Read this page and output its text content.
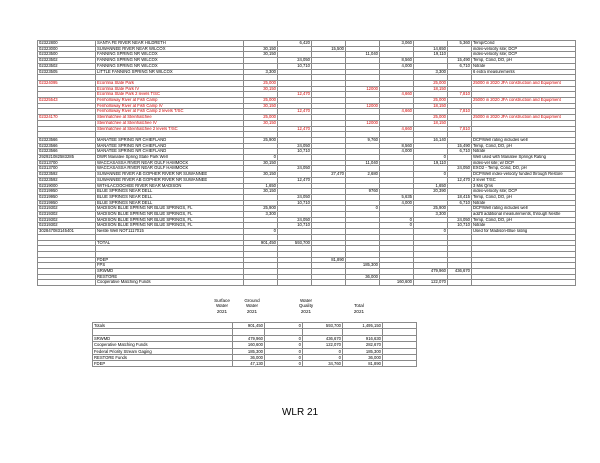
02322800	SANTA FE RIVER NEAR HILDRETH		6,420			3,060		5,360	Temp/Cond
02323000	SUWANNEE RIVER NEAR WILCOX	30,150		15,500			14,650		index-velocity site; DCP
02323500	FANNING SPRING NR WILCOX	30,150			11,040		19,110		index-velocity site; DCP
02323502	FANNING SPRING NR WILCOX		24,050			8,560		15,490	Temp, Cond, DO, pH
02323502	FANNING SPRING NR WILCOX		10,710			4,000		6,710	Nitrate
02323505	LITTLE FANNING SPRING NR WILCOX	3,300					3,300		6 extra measurements

02324095	Econfina State Park	25,000					25,000		25000 in 2020 JFA construction and Equipment
	Econfina State Park IV	30,150			12000		18,150		
	Econfina State Park 2 levels T/SC		12,470			4,660		7,810	
02325543	Fenholloway River at Fish Camp	25,000					25,000		25000 in 2020 JFA construction and Equipment
	Fenholloway River at Fish Camp IV	30,150			12000		18,150		
	Fenholloway River at Fish Camp 2 levels T/SC		12,470			4,660		7,810	
02324170	Steinhatchee at Steinhatchee	25,000					25,000		25000 in 2020 JFA construction and Equipment
	Steinhatchee at Steinhatchee IV	30,150			12000		18,150		
	Steinhatchee at Steinhatchee 2 levels T/SC		12,470			4,660		7,810	

02323566	MANATEE SPRING NR CHIEFLAND	25,900			9,760		16,140		DCP/Well rating includes well
02323566	MANATEE SPRING NR CHIEFLAND		24,050			8,560		15,490	Temp, Cond, DO, pH
02323566	MANATEE SPRING NR CHIEFLAND		10,710			4,000		6,710	Nitrate
292921082583285	DWR Manatee Spring State Park Well	0					0		Well used with Manatee Springs Rating
02313700	WACCASASSA RIVER NEAR GULF HAMMOCK	30,150			11,040		19,110		index-vel site; w/ DCP
02313700	WACCASASSA RIVER NEAR GULF HAMMOCK		24,050					24,050	EXO2 - Temp, Cond, DO, pH
02323592	SUWANNEE RIVER AB GOPHER RIVER NR SUWANNEE	30,150		27,470	2,680		0		DCP/Well index-velocity funded through Restore
02323592	SUWANNEE RIVER AB GOPHER RIVER NR SUWANNEE		12,470					12,470	2 level T/SC
02319000	WITHLACOOCHEE RIVER NEAR MADISON	1,650					1,650		3 Mis Qms
02319950	BLUE SPRINGS NEAR DELL	30,150			9760		20,390		index-velocity site; DCP
02319950	BLUE SPRINGS NEAR DELL		24,050			5,635		18,415	Temp, Cond, DO, pH
02319950	BLUE SPRINGS NEAR DELL		10,710			4,000		6,710	Nitrate
02319302	MADISON BLUE SPRING NR BLUE SPRINGS, FL	25,900			0		25,900		DCP/Well rating includes well
02319302	MADISON BLUE SPRING NR BLUE SPRINGS, FL	3,300					3,300		add'tl additional measurements, through Nestle
02319302	MADISON BLUE SPRING NR BLUE SPRINGS, FL		24,050			0		24,050	Temp, Cond, DO, pH
02319302	MADISON BLUE SPRING NR BLUE SPRINGS, FL		10,710			0		10,710	Nitrate
302847083145401	Nestle Well NOT1117015	0					0		Used for Madison-Blue rating

	TOTAL	901,450	593,700						

	FDEP			81,890					
	FPS				185,300				
	SRWMD						479,960	436,670	
	RESTORE				36,000				
	Cooperative Matching Funds					160,600	122,070		
Surface
Water
2021
Ground
Water
2021
Water
Quality
2021
Total
2021
Totals	901,450	0	593,700	1,495,150	

SRWMD	479,960	0	436,670	916,630	
Cooperative Matching Funds	160,600	0	122,070	282,670	
Federal Priority Stream Gaging	185,300	0	0	185,300	
RESTORE Funds	36,000	0	0	36,000	
FDEP	47,130	0	34,760	81,890	
WLR 21
